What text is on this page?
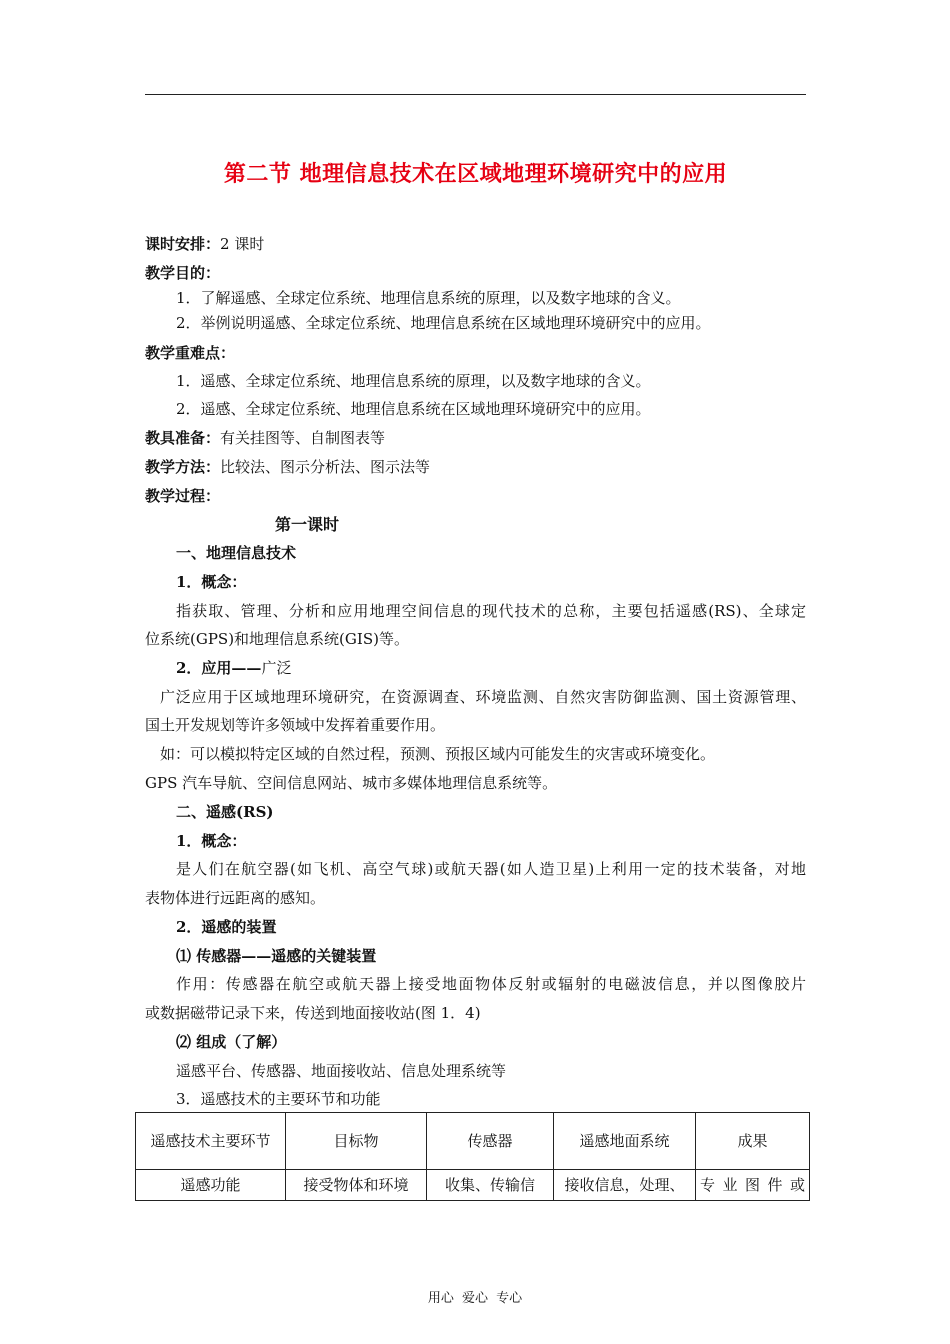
第二节 地理信息技术在区域地理环境研究中的应用
课时安排：2 课时
教学目的：
1．了解遥感、全球定位系统、地理信息系统的原理，以及数字地球的含义。
2．举例说明遥感、全球定位系统、地理信息系统在区域地理环境研究中的应用。
教学重难点：
1．遥感、全球定位系统、地理信息系统的原理，以及数字地球的含义。
2．遥感、全球定位系统、地理信息系统在区域地理环境研究中的应用。
教具准备：有关挂图等、自制图表等
教学方法：比较法、图示分析法、图示法等
教学过程：
第一课时
一、地理信息技术
1．概念：
指获取、管理、分析和应用地理空间信息的现代技术的总称，主要包括遥感(RS)、全球定
位系统(GPS)和地理信息系统(GIS)等。
2．应用——广泛
广泛应用于区域地理环境研究，在资源调查、环境监测、自然灾害防御监测、国土资源管理、
国土开发规划等许多领域中发挥着重要作用。
如：可以模拟特定区域的自然过程，预测、预报区域内可能发生的灾害或环境变化。
GPS 汽车导航、空间信息网站、城市多媒体地理信息系统等。
二、遥感(RS)
1．概念：
是人们在航空器(如飞机、高空气球)或航天器(如人造卫星)上利用一定的技术装备，对地
表物体进行远距离的感知。
2．遥感的装置
⑴ 传感器——遥感的关键装置
作用：传感器在航空或航天器上接受地面物体反射或辐射的电磁波信息，并以图像胶片
或数据磁带记录下来，传送到地面接收站(图 1．4)
⑵ 组成（了解）
遥感平台、传感器、地面接收站、信息处理系统等
3．遥感技术的主要环节和功能
遥感技术主要环节	目标物	传感器	遥感地面系统	成果
遥感功能	接受物体和环境	收集、传输信	接收信息，处理、	专 业 图 件 或
用心 爱心 专心
